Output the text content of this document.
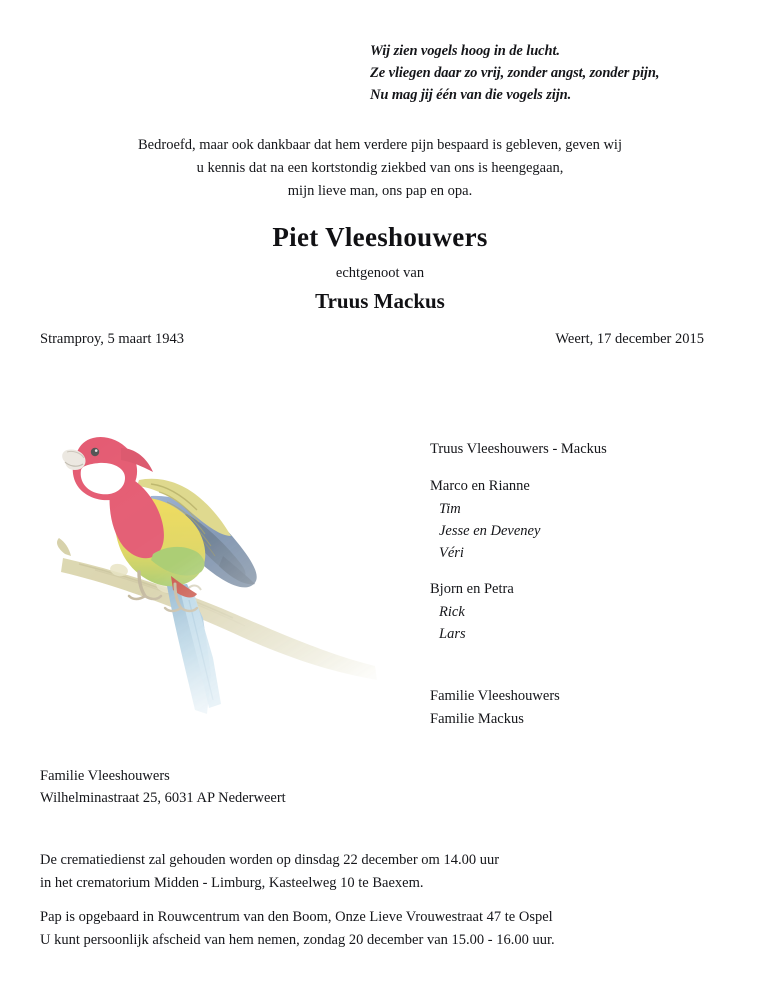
Wij zien vogels hoog in de lucht.
Ze vliegen daar zo vrij, zonder angst, zonder pijn,
Nu mag jij één van die vogels zijn.
Bedroefd, maar ook dankbaar dat hem verdere pijn bespaard is gebleven, geven wij
u kennis dat na een kortstondig ziekbed van ons is heengegaan,
mijn lieve man, ons pap en opa.
Piet Vleeshouwers
echtgenoot van
Truus Mackus
Stramproy, 5 maart 1943	Weert, 17 december 2015
Truus Vleeshouwers - Mackus
Marco en Rianne
Tim
Jesse en Deveney
Véri
Bjorn en Petra
Rick
Lars
Familie Vleeshouwers
Familie Mackus
Familie Vleeshouwers
Wilhelminastraat 25, 6031 AP Nederweert
De crematiedienst zal gehouden worden op dinsdag 22 december om 14.00 uur
in het crematorium Midden - Limburg, Kasteelweg 10 te Baexem.
Pap is opgebaard in Rouwcentrum van den Boom, Onze Lieve Vrouwestraat 47 te Ospel
U kunt persoonlijk afscheid van hem nemen, zondag 20 december van 15.00 - 16.00 uur.
